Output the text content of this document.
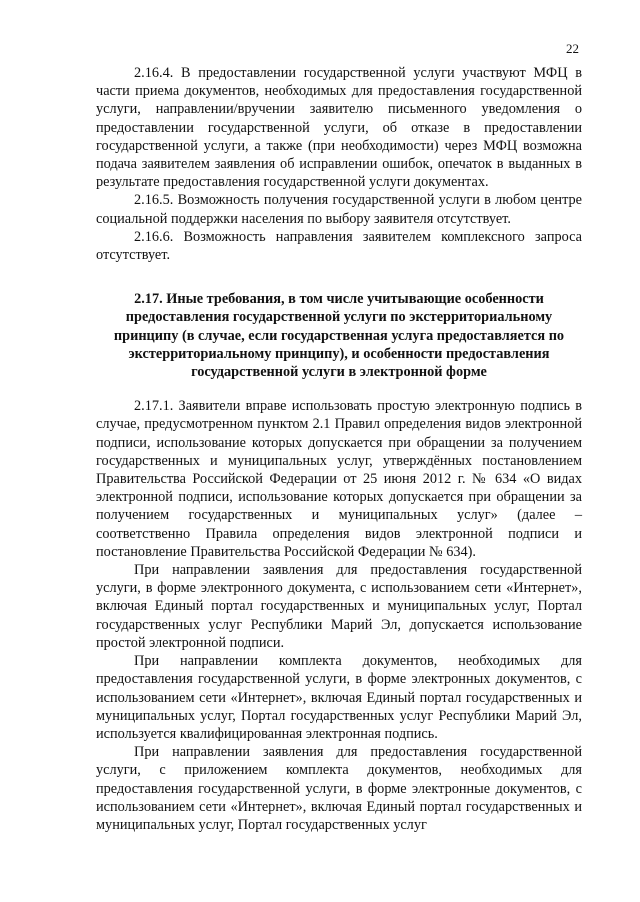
22

2.16.4. В предоставлении государственной услуги участвуют МФЦ в части приема документов, необходимых для предоставления государственной услуги, направлении/вручении заявителю письменного уведомления о предоставлении государственной услуги, об отказе в предоставлении государственной услуги, а также (при необходимости) через МФЦ возможна подача заявителем заявления об исправлении ошибок, опечаток в выданных в результате предоставления государственной услуги документах.

2.16.5. Возможность получения государственной услуги в любом центре социальной поддержки населения по выбору заявителя отсутствует.

2.16.6. Возможность направления заявителем комплексного запроса отсутствует.

2.17. Иные требования, в том числе учитывающие особенности предоставления государственной услуги по экстерриториальному принципу (в случае, если государственная услуга предоставляется по экстерриториальному принципу), и особенности предоставления государственной услуги в электронной форме

2.17.1. Заявители вправе использовать простую электронную подпись в случае, предусмотренном пунктом 2.1 Правил определения видов электронной подписи, использование которых допускается при обращении за получением государственных и муниципальных услуг, утверждённых постановлением Правительства Российской Федерации от 25 июня 2012 г. № 634 «О видах электронной подписи, использование которых допускается при обращении за получением государственных и муниципальных услуг» (далее – соответственно Правила определения видов электронной подписи и постановление Правительства Российской Федерации № 634).

При направлении заявления для предоставления государственной услуги, в форме электронного документа, с использованием сети «Интернет», включая Единый портал государственных и муниципальных услуг, Портал государственных услуг Республики Марий Эл, допускается использование простой электронной подписи.

При направлении комплекта документов, необходимых для предоставления государственной услуги, в форме электронных документов, с использованием сети «Интернет», включая Единый портал государственных и муниципальных услуг, Портал государственных услуг Республики Марий Эл, используется квалифицированная электронная подпись.

При направлении заявления для предоставления государственной услуги, с приложением комплекта документов, необходимых для предоставления государственной услуги, в форме электронные документов, с использованием сети «Интернет», включая Единый портал государственных и муниципальных услуг, Портал государственных услуг
